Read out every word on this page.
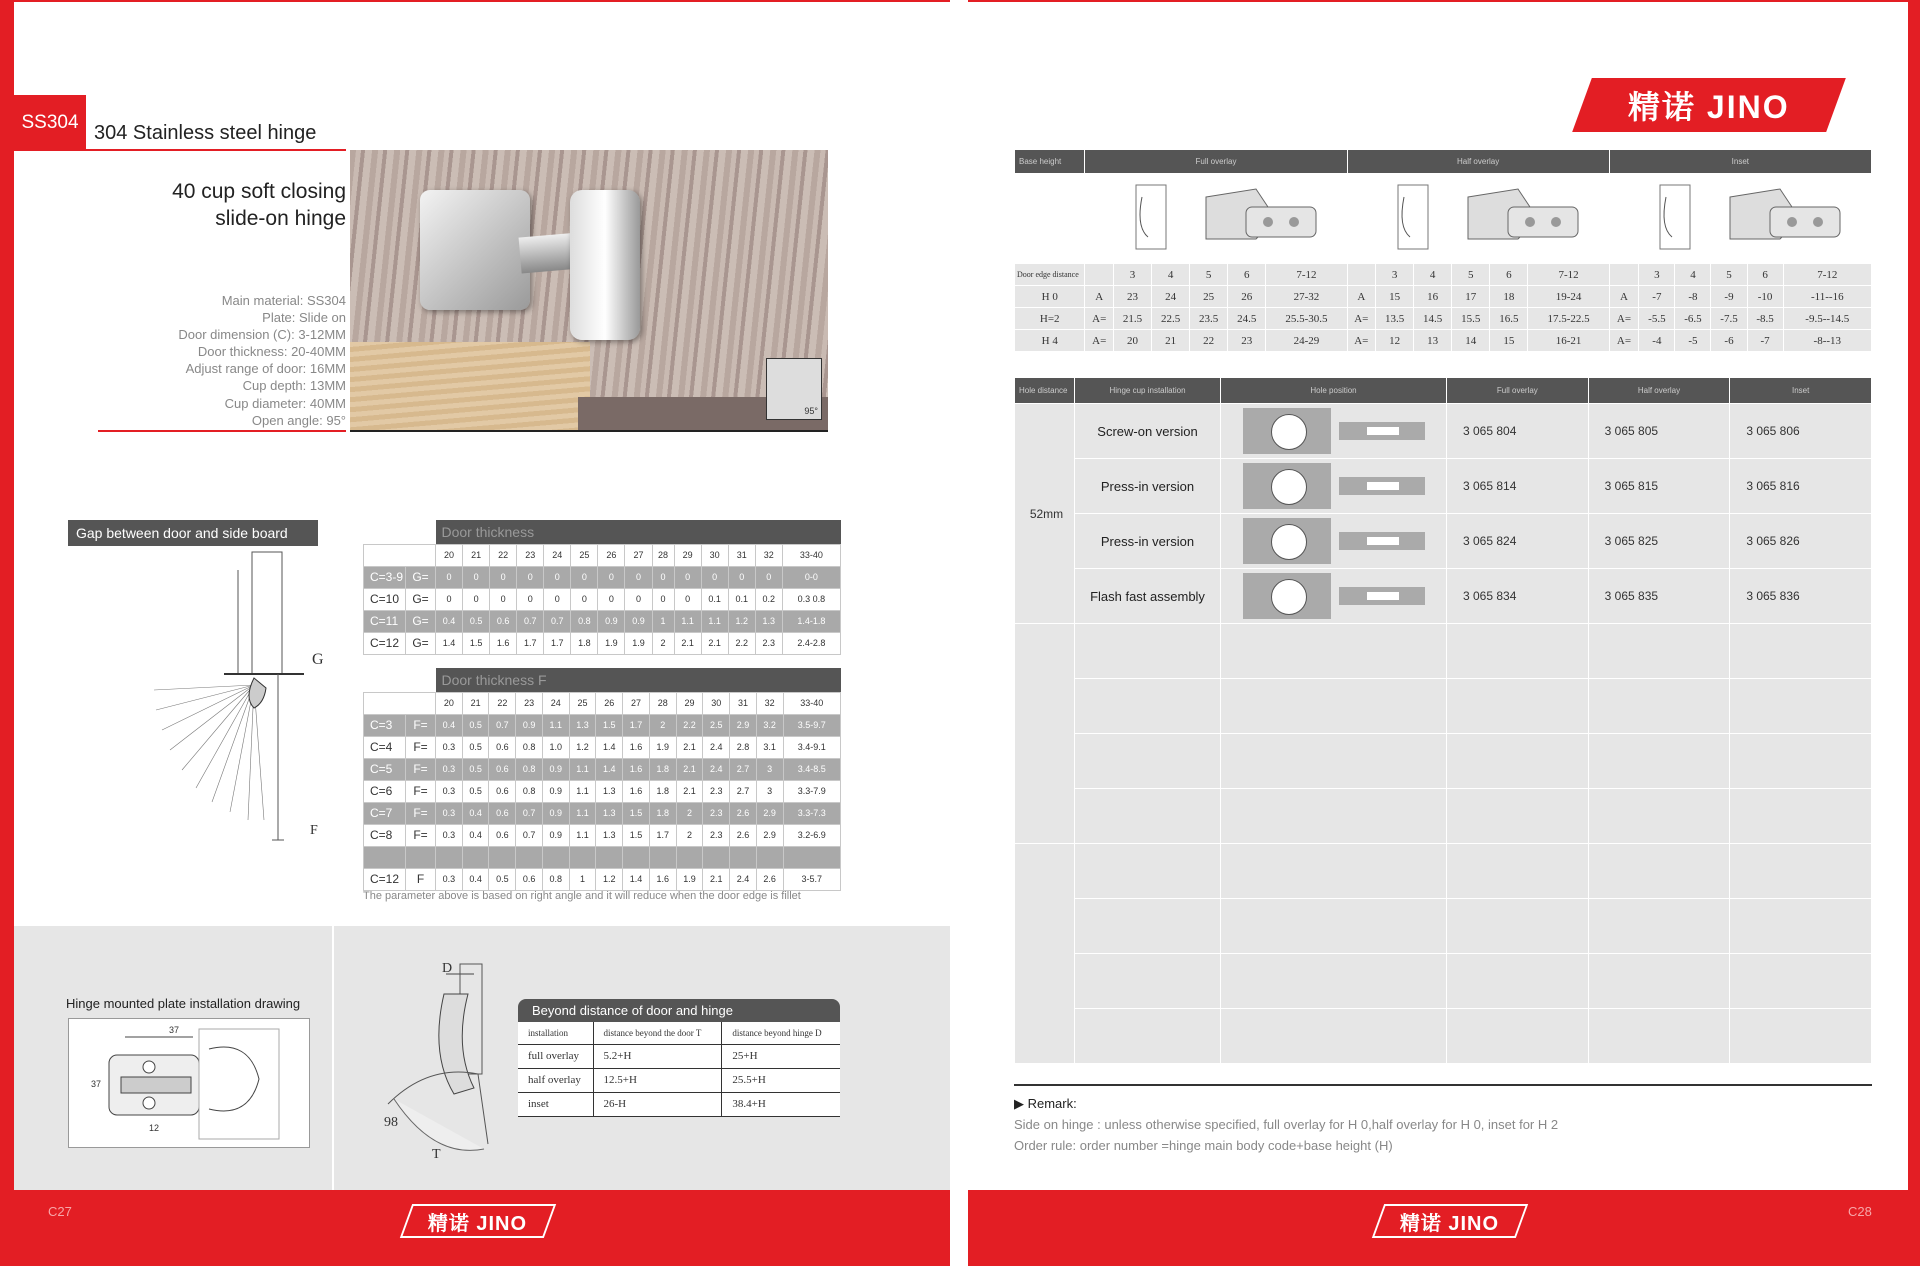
SS304 304 Stainless steel hinge
40 cup soft closing
slide-on hinge
Main material: SS304
Plate: Slide on
Door dimension (C): 3-12MM
Door thickness: 20-40MM
Adjust range of door: 16MM
Cup depth: 13MM
Cup diameter: 40MM
Open angle: 95°
95°
Gap between door and side board
G
F
		Door thickness													
		20	21	22	23	24	25	26	27	28	29	30	31	32	33-40
C=3-9	G=	0	0	0	0	0	0	0	0	0	0	0	0	0	0-0
C=10	G=	0	0	0	0	0	0	0	0	0	0	0.1	0.1	0.2	0.3 0.8
C=11	G=	0.4	0.5	0.6	0.7	0.7	0.8	0.9	0.9	1	1.1	1.1	1.2	1.3	1.4-1.8
C=12	G=	1.4	1.5	1.6	1.7	1.7	1.8	1.9	1.9	2	2.1	2.1	2.2	2.3	2.4-2.8
		Door thickness F													
		20	21	22	23	24	25	26	27	28	29	30	31	32	33-40
C=3	F=	0.4	0.5	0.7	0.9	1.1	1.3	1.5	1.7	2	2.2	2.5	2.9	3.2	3.5-9.7
C=4	F=	0.3	0.5	0.6	0.8	1.0	1.2	1.4	1.6	1.9	2.1	2.4	2.8	3.1	3.4-9.1
C=5	F=	0.3	0.5	0.6	0.8	0.9	1.1	1.4	1.6	1.8	2.1	2.4	2.7	3	3.4-8.5
C=6	F=	0.3	0.5	0.6	0.8	0.9	1.1	1.3	1.6	1.8	2.1	2.3	2.7	3	3.3-7.9
C=7	F=	0.3	0.4	0.6	0.7	0.9	1.1	1.3	1.5	1.8	2	2.3	2.6	2.9	3.3-7.3
C=8	F=	0.3	0.4	0.6	0.7	0.9	1.1	1.3	1.5	1.7	2	2.3	2.6	2.9	3.2-6.9

C=12	F	0.3	0.4	0.5	0.6	0.8	1	1.2	1.4	1.6	1.9	2.1	2.4	2.6	3-5.7
The parameter above is based on right angle and it will reduce when the door edge is fillet
Hinge mounted plate installation drawing
37
37
12
D
98
T
Beyond distance of door and hinge		
installation	distance beyond the door T	distance beyond hinge D
full overlay	5.2+H	25+H
half overlay	12.5+H	25.5+H
inset	26-H	38.4+H
精诺 JINO
Base height	Full overlay						Half overlay						Inset					

Door edge distance		3	4	5	6	7-12		3	4	5	6	7-12		3	4	5	6	7-12
H 0	A	23	24	25	26	27-32	A	15	16	17	18	19-24	A	-7	-8	-9	-10	-11--16
H=2	A=	21.5	22.5	23.5	24.5	25.5-30.5	A=	13.5	14.5	15.5	16.5	17.5-22.5	A=	-5.5	-6.5	-7.5	-8.5	-9.5--14.5
H 4	A=	20	21	22	23	24-29	A=	12	13	14	15	16-21	A=	-4	-5	-6	-7	-8--13
Hole distance	Hinge cup installation	Hole position	Full overlay	Half overlay	Inset
52mm	Screw-on version		3 065 804	3 065 805	3 065 806
	Press-in version		3 065 814	3 065 815	3 065 816
	Press-in version		3 065 824	3 065 825	3 065 826
	Flash fast assembly		3 065 834	3 065 835	3 065 836

▶ Remark:
Side on hinge : unless otherwise specified, full overlay for H 0,half overlay for H 0, inset for H 2
Order rule: order number =hinge main body code+base height (H)
C27
精诺 JINO
C28
精诺 JINO
